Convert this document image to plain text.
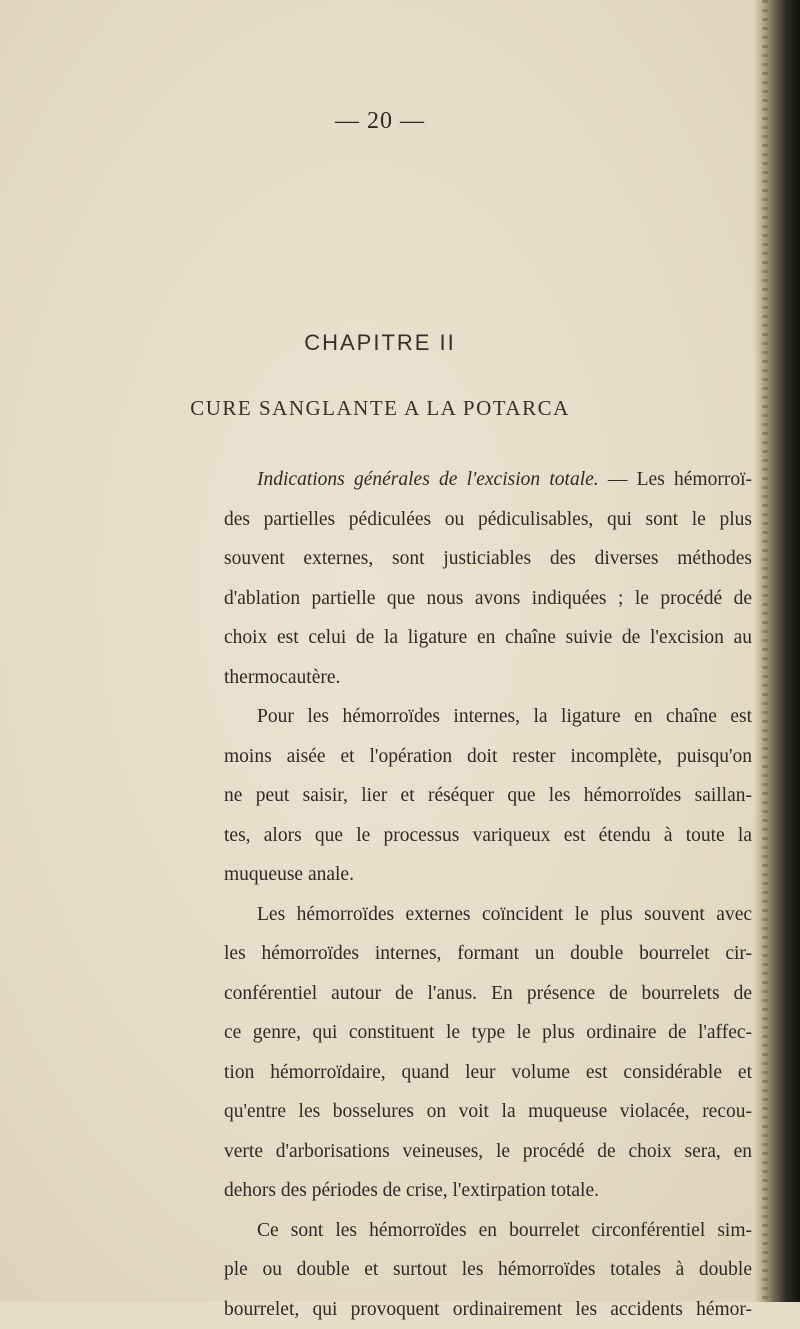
— 20 —
CHAPITRE II
CURE SANGLANTE A LA POTARCA
Indications générales de l'excision totale. — Les hémorroï-
des partielles pédiculées ou pédiculisables, qui sont le plus
souvent externes, sont justiciables des diverses méthodes
d'ablation partielle que nous avons indiquées ; le procédé de
choix est celui de la ligature en chaîne suivie de l'excision au
thermocautère.
Pour les hémorroïdes internes, la ligature en chaîne est
moins aisée et l'opération doit rester incomplète, puisqu'on
ne peut saisir, lier et réséquer que les hémorroïdes saillan-
tes, alors que le processus variqueux est étendu à toute la
muqueuse anale.
Les hémorroïdes externes coïncident le plus souvent avec
les hémorroïdes internes, formant un double bourrelet cir-
conférentiel autour de l'anus. En présence de bourrelets de
ce genre, qui constituent le type le plus ordinaire de l'affec-
tion hémorroïdaire, quand leur volume est considérable et
qu'entre les bosselures on voit la muqueuse violacée, recou-
verte d'arborisations veineuses, le procédé de choix sera, en
dehors des périodes de crise, l'extirpation totale.
Ce sont les hémorroïdes en bourrelet circonférentiel sim-
ple ou double et surtout les hémorroïdes totales à double
bourrelet, qui provoquent ordinairement les accidents hémor-
